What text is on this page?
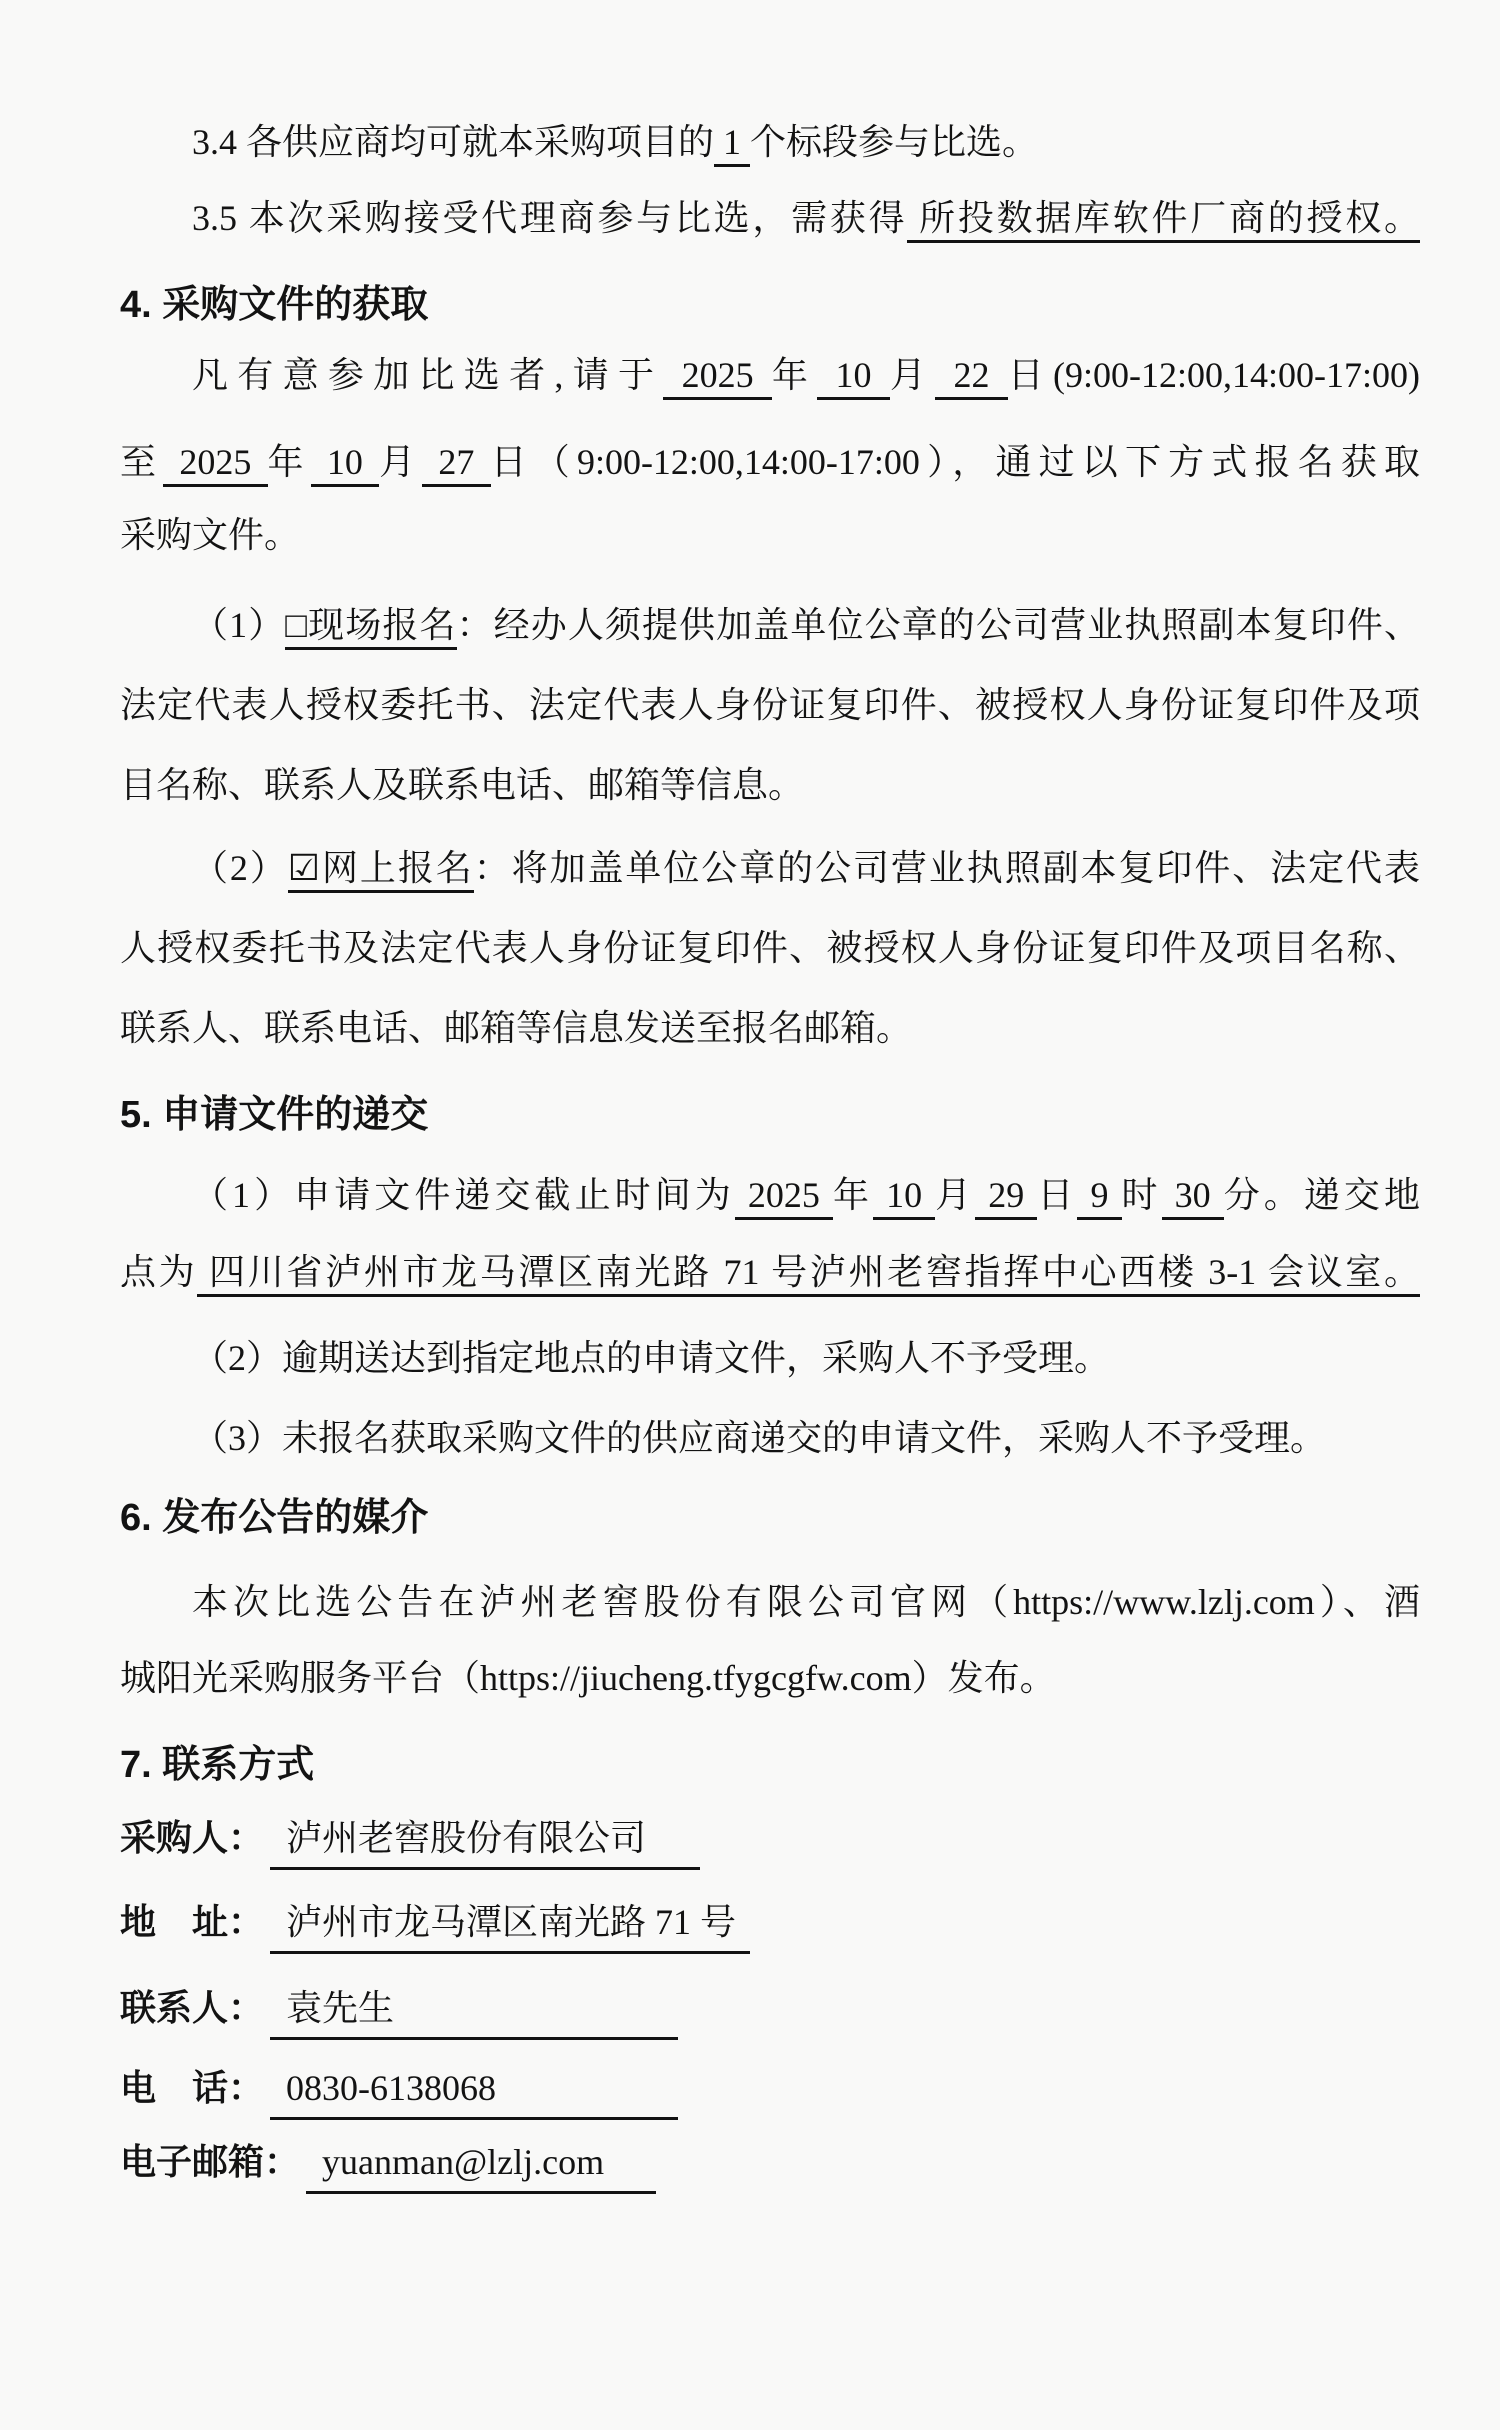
3.4 各供应商均可就本采购项目的 1 个标段参与比选。
3.5 本次采购接受代理商参与比选，需获得 所投数据库软件厂商的授权。
4. 采购文件的获取
凡有意参加比选者,请于 2025 年 10 月 22 日(9:00-12:00,14:00-17:00)
至 2025 年 10 月 27 日（9:00-12:00,14:00-17:00），通过以下方式报名获取
采购文件。
（1）□现场报名：经办人须提供加盖单位公章的公司营业执照副本复印件、
法定代表人授权委托书、法定代表人身份证复印件、被授权人身份证复印件及项
目名称、联系人及联系电话、邮箱等信息。
（2）☑网上报名：将加盖单位公章的公司营业执照副本复印件、法定代表
人授权委托书及法定代表人身份证复印件、被授权人身份证复印件及项目名称、
联系人、联系电话、邮箱等信息发送至报名邮箱。
5. 申请文件的递交
（1）申请文件递交截止时间为 2025 年 10 月 29 日 9 时 30 分。递交地
点为 四川省泸州市龙马潭区南光路 71 号泸州老窖指挥中心西楼 3-1 会议室。
（2）逾期送达到指定地点的申请文件，采购人不予受理。
（3）未报名获取采购文件的供应商递交的申请文件，采购人不予受理。
6. 发布公告的媒介
本次比选公告在泸州老窖股份有限公司官网（https://www.lzlj.com）、酒
城阳光采购服务平台（https://jiucheng.tfygcgfw.com）发布。
7. 联系方式
采购人： 泸州老窖股份有限公司
地　址： 泸州市龙马潭区南光路 71 号
联系人： 袁先生
电　话： 0830-6138068
电子邮箱： yuanman@lzlj.com
